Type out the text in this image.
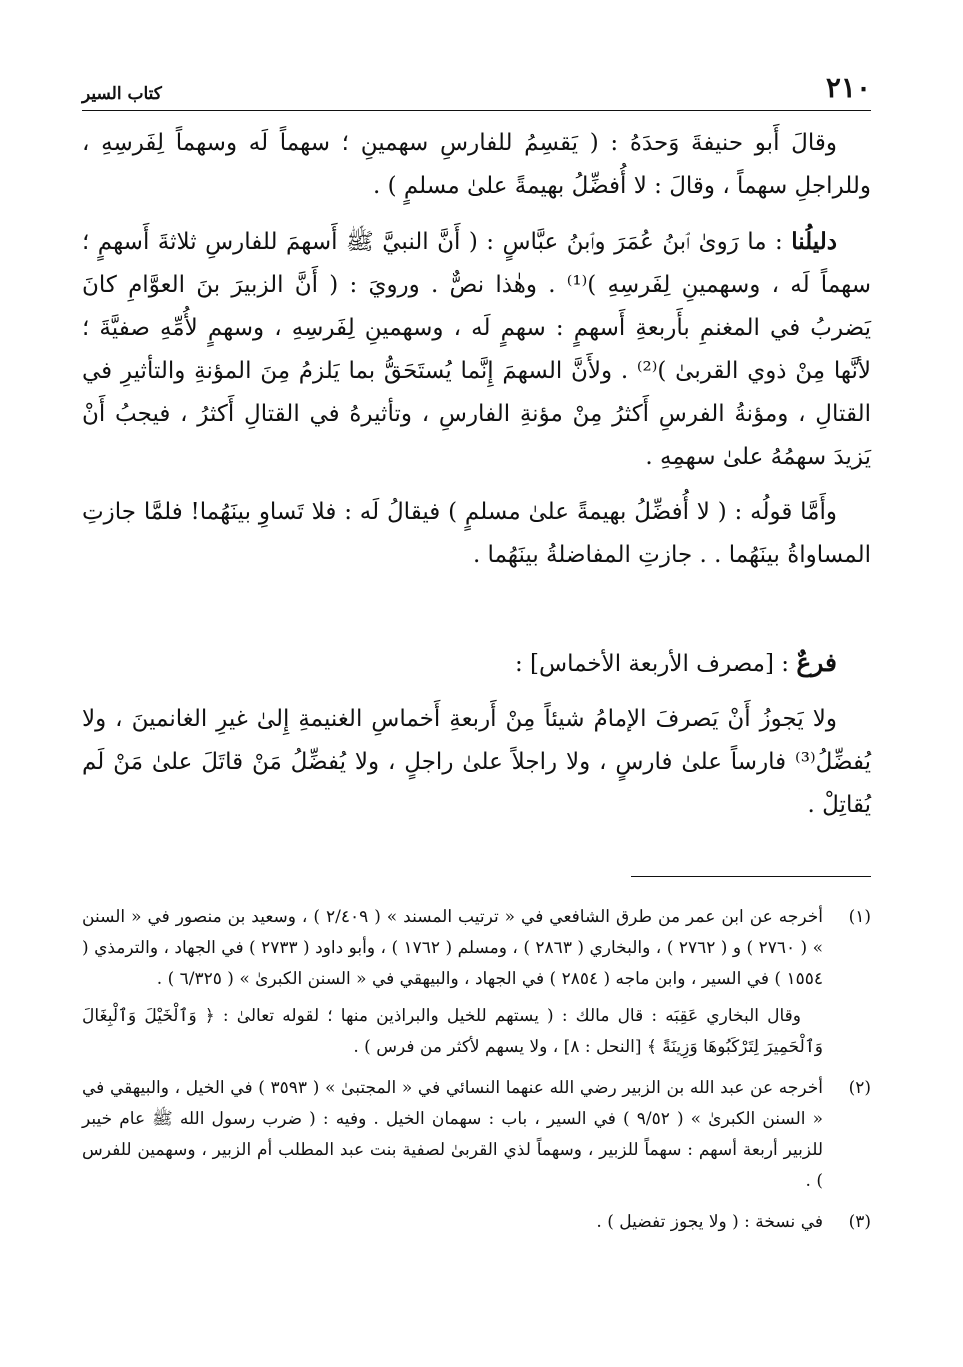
٢١٠
كتاب السير

وقالَ أَبو حنيفةَ وَحدَهُ : ( يَقسِمُ للفارسِ سهمينِ ؛ سهماً لَه وسهماً لِفَرسِهِ ، وللراجلِ سهماً ، وقالَ : لا أُفضِّلُ بهيمةً علىٰ مسلمٍ ) .

دليلُنا : ما رَوىٰ ٱبنُ عُمَرَ وٱبنُ عبَّاسٍ : ( أَنَّ النبيَّ ﷺ أَسهمَ للفارسِ ثلاثةَ أَسهمٍ ؛ سهماً لَه ، وسهمينِ لِفَرسِهِ )⁽¹⁾ . وهٰذا نصٌّ . ورويَ : ( أَنَّ الزبيرَ بنَ العوَّامِ كانَ يَضربُ في المغنمِ بأَربعةِ أَسهمٍ : سهمٍ لَه ، وسهمينِ لِفَرسِهِ ، وسهمٍ لأُمِّهِ صفيَّةَ ؛ لأنَّها مِنْ ذوي القربىٰ )⁽²⁾ . ولأَنَّ السهمَ إِنَّما يُستَحَقُّ بما يَلزمُ مِنَ المؤنةِ والتأثيرِ في القتالِ ، ومؤنةُ الفرسِ أَكثرُ مِنْ مؤنةِ الفارسِ ، وتأثيرهُ في القتالِ أَكثرُ ، فيجبُ أَنْ يَزيدَ سهمُهُ علىٰ سهمِهِ .

وأَمَّا قولُه : ( لا أُفضِّلُ بهيمةً علىٰ مسلمٍ ) فيقالُ لَه : فلا تَساوِ بينَهُما! فلمَّا جازتِ المساواةُ بينَهُما . . جازتِ المفاضلةُ بينَهُما .

فرعٌ : [مصرف الأربعة الأخماس] :

ولا يَجوزُ أَنْ يَصرفَ الإمامُ شيئاً مِنْ أَربعةِ أَخماسِ الغنيمةِ إِلىٰ غيرِ الغانمينَ ، ولا يُفضِّلُ⁽³⁾ فارساً علىٰ فارسٍ ، ولا راجلاً علىٰ راجلٍ ، ولا يُفضِّلُ مَنْ قاتَلَ علىٰ مَنْ لَم يُقاتِلْ .

(١)

أخرجه عن ابن عمر من طرق الشافعي في « ترتيب المسند » ( ٢/٤٠٩ ) ، وسعيد بن منصور في « السنن » ( ٢٧٦٠ ) و ( ٢٧٦٢ ) ، والبخاري ( ٢٨٦٣ ) ، ومسلم ( ١٧٦٢ ) ، وأبو داود ( ٢٧٣٣ ) في الجهاد ، والترمذي ( ١٥٥٤ ) في السير ، وابن ماجه ( ٢٨٥٤ ) في الجهاد ، والبيهقي في « السنن الكبرىٰ » ( ٦/٣٢٥ ) .

وقال البخاري عَقِبَه : قال مالك : ( يستهم للخيل والبراذين منها ؛ لقوله تعالىٰ : ﴿ وَٱلْخَيْلَ وَٱلْبِغَالَ وَٱلْحَمِيرَ لِتَرْكَبُوهَا وَزِينَةً ﴾ [النحل : ٨] ، ولا يسهم لأكثر من فرس ) .

(٢)

أخرجه عن عبد الله بن الزبير رضي الله عنهما النسائي في « المجتبىٰ » ( ٣٥٩٣ ) في الخيل ، والبيهقي في « السنن الكبرىٰ » ( ٩/٥٢ ) في السير ، باب : سهمان الخيل . وفيه : ( ضرب رسول الله ﷺ عام خيبر للزبير أربعة أسهم : سهماً للزبير ، وسهماً لذي القربىٰ لصفية بنت عبد المطلب أم الزبير ، وسهمين للفرس ) .

(٣)

في نسخة : ( ولا يجوز تفضيل ) .
